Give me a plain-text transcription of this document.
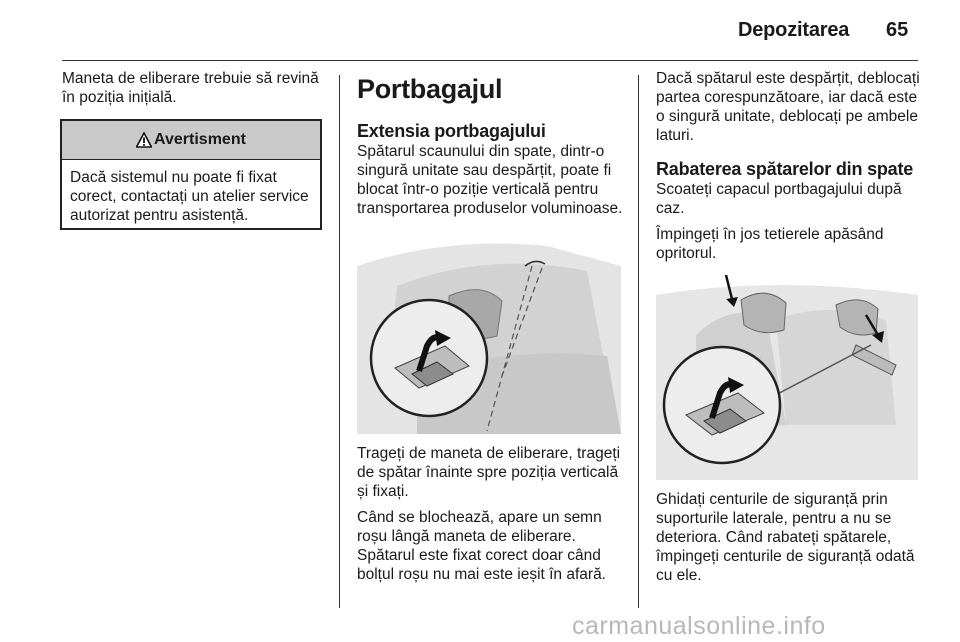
Depozitarea 65

Maneta de eliberare trebuie să revină în poziția inițială.

Avertisment

Dacă sistemul nu poate fi fixat corect, contactați un atelier service autorizat pentru asistență.

Portbagajul
Extensia portbagajului

Spătarul scaunului din spate, dintr-o singură unitate sau despărțit, poate fi blocat într-o poziție verticală pentru transportarea produselor voluminoase.

Trageți de maneta de eliberare, trageți de spătar înainte spre poziția verticală și fixați.

Când se blochează, apare un semn roșu lângă maneta de eliberare. Spătarul este fixat corect doar când bolțul roșu nu mai este ieșit în afară.

Dacă spătarul este despărțit, deblocați partea corespunzătoare, iar dacă este o singură unitate, deblocați pe ambele laturi.

Rabaterea spătarelor din spate

Scoateți capacul portbagajului după caz.

Împingeți în jos tetierele apăsând opritorul.

Ghidați centurile de siguranță prin suporturile laterale, pentru a nu se deteriora. Când rabateți spătarele, împingeți centurile de siguranță odată cu ele.

carmanualsonline.info
